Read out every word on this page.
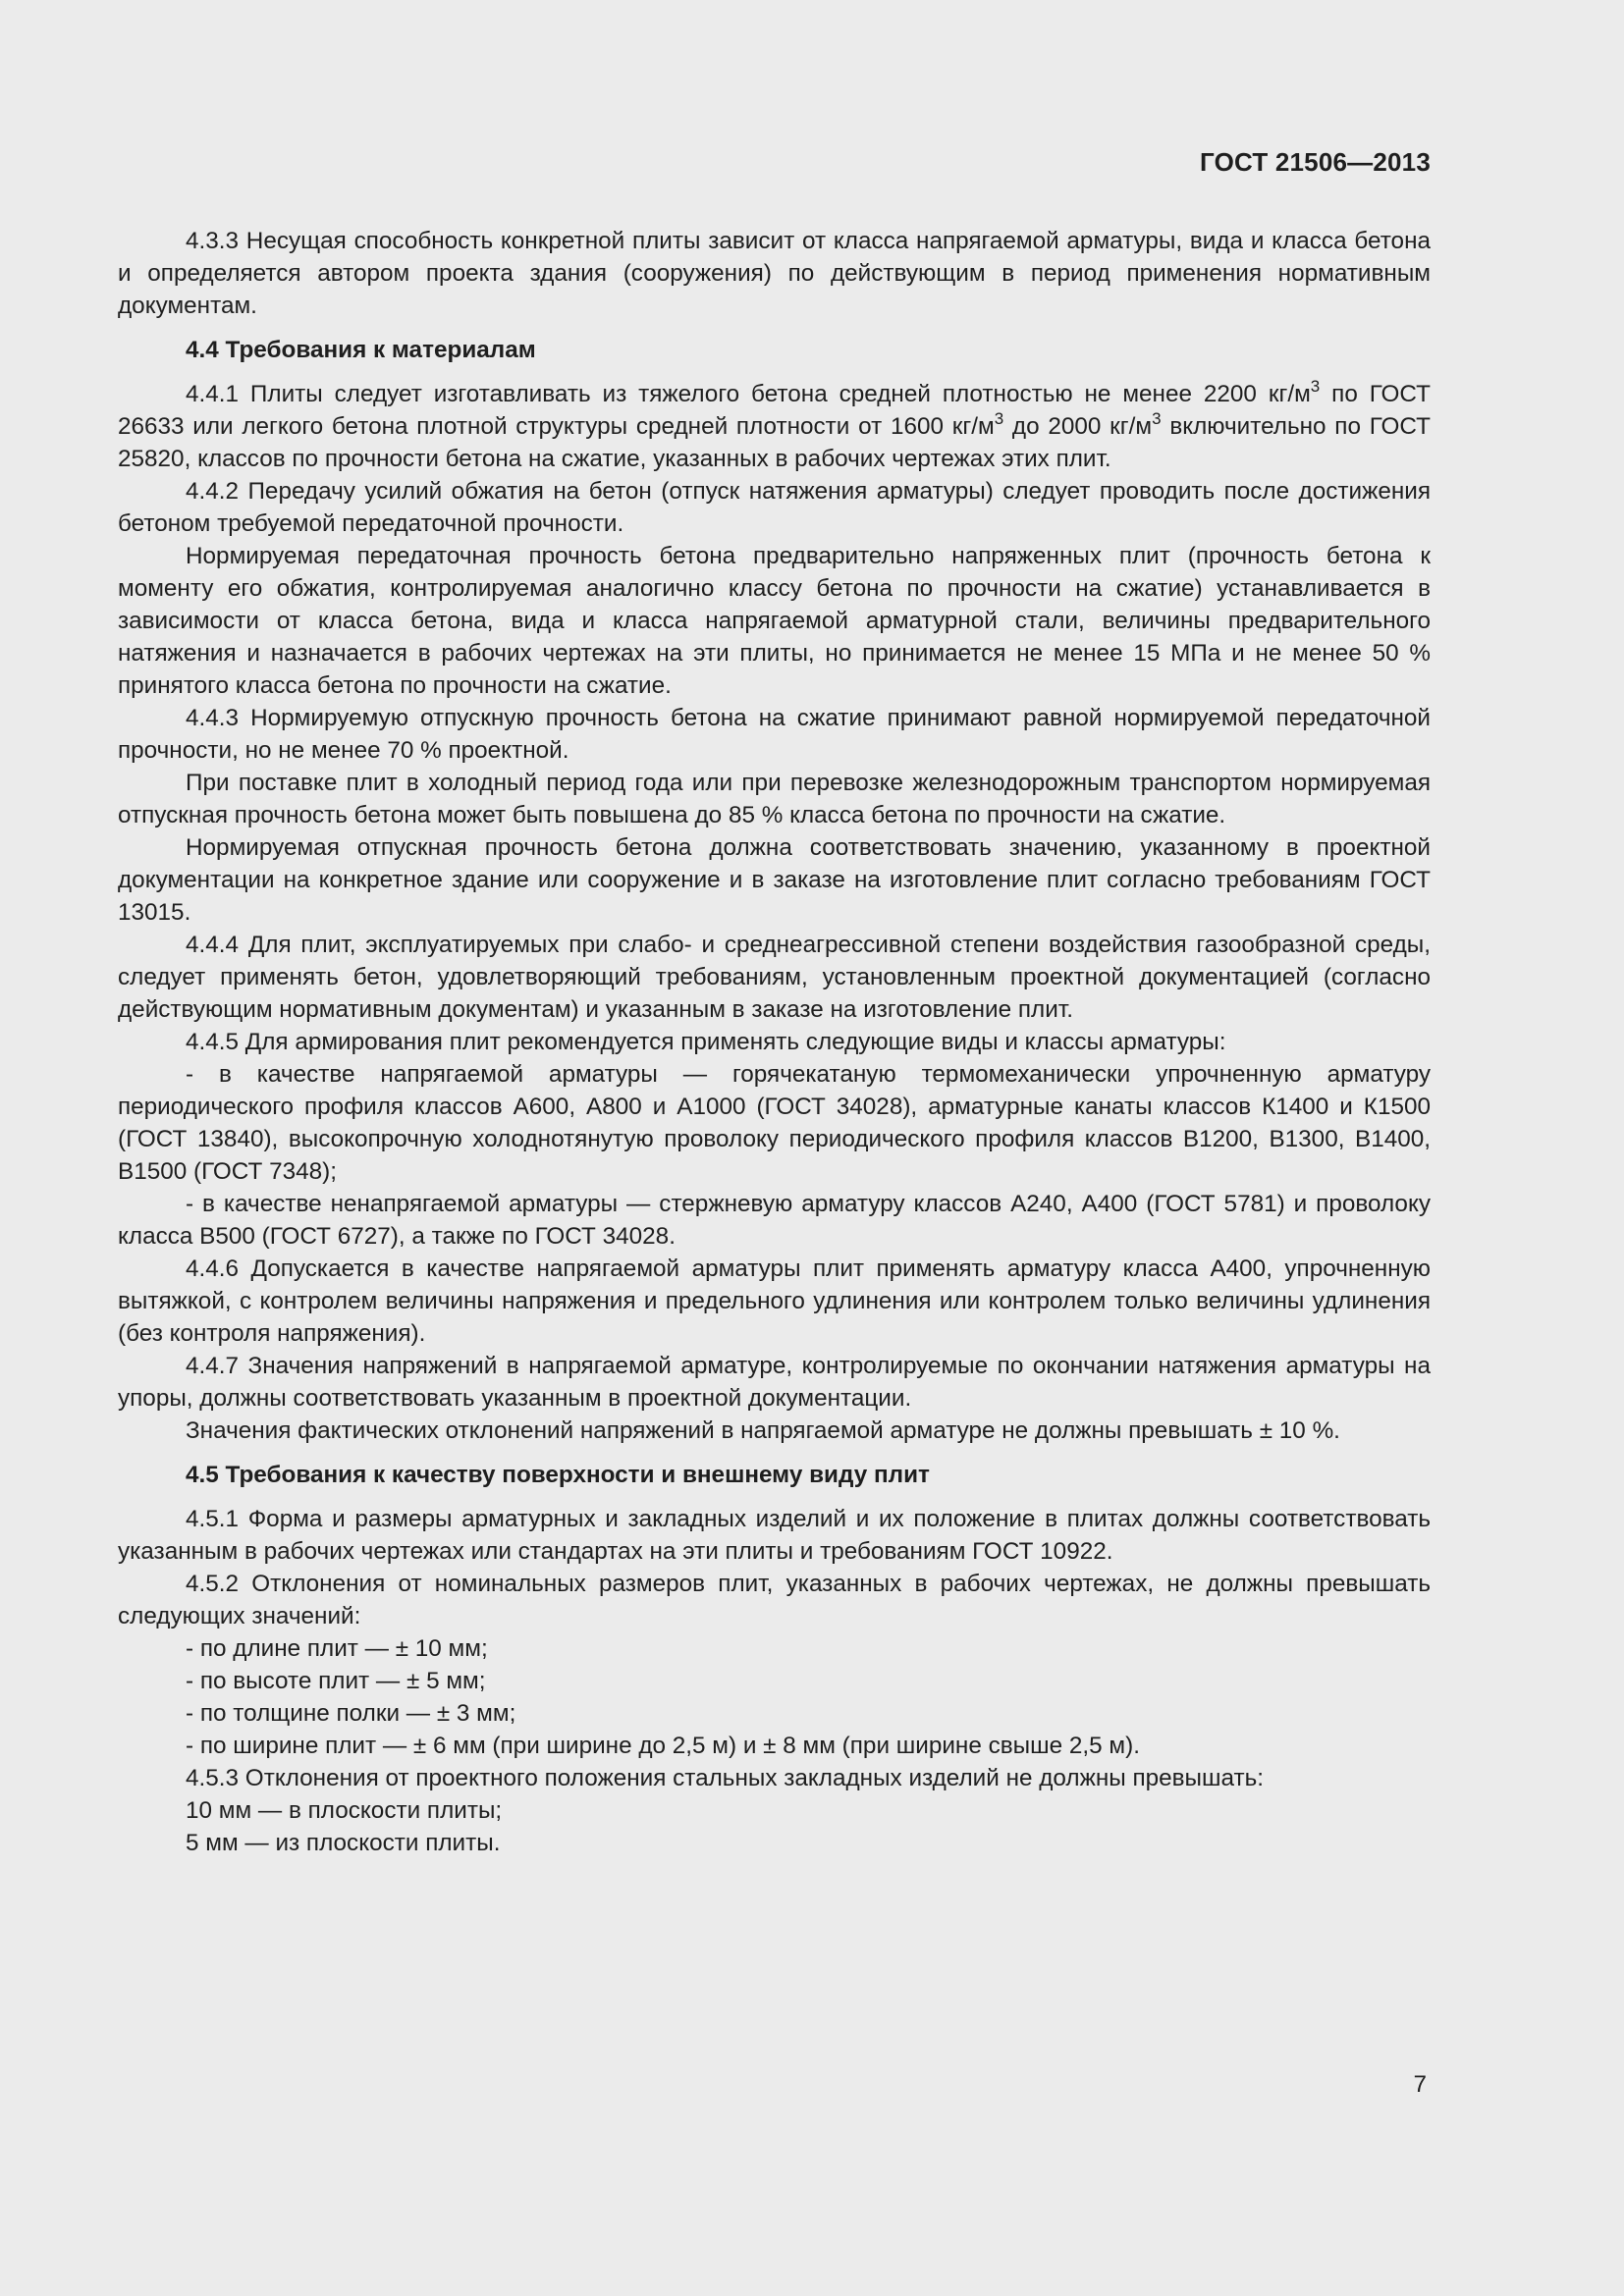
ГОСТ 21506—2013

4.3.3 Несущая способность конкретной плиты зависит от класса напрягаемой арматуры, вида и класса бетона и определяется автором проекта здания (сооружения) по действующим в период применения нормативным документам.

4.4 Требования к материалам

4.4.1 Плиты следует изготавливать из тяжелого бетона средней плотностью не менее 2200 $кг/м^3$ по ГОСТ 26633 или легкого бетона плотной структуры средней плотности от 1600 $кг/м^3$ до 2000 $кг/м^3$ включительно по ГОСТ 25820, классов по прочности бетона на сжатие, указанных в рабочих чертежах этих плит.

4.4.2 Передачу усилий обжатия на бетон (отпуск натяжения арматуры) следует проводить после достижения бетоном требуемой передаточной прочности.

Нормируемая передаточная прочность бетона предварительно напряженных плит (прочность бетона к моменту его обжатия, контролируемая аналогично классу бетона по прочности на сжатие) устанавливается в зависимости от класса бетона, вида и класса напрягаемой арматурной стали, величины предварительного натяжения и назначается в рабочих чертежах на эти плиты, но принимается не менее 15 МПа и не менее 50 % принятого класса бетона по прочности на сжатие.

4.4.3 Нормируемую отпускную прочность бетона на сжатие принимают равной нормируемой передаточной прочности, но не менее 70 % проектной.

При поставке плит в холодный период года или при перевозке железнодорожным транспортом нормируемая отпускная прочность бетона может быть повышена до 85 % класса бетона по прочности на сжатие.

Нормируемая отпускная прочность бетона должна соответствовать значению, указанному в проектной документации на конкретное здание или сооружение и в заказе на изготовление плит согласно требованиям ГОСТ 13015.

4.4.4 Для плит, эксплуатируемых при слабо- и среднеагрессивной степени воздействия газообразной среды, следует применять бетон, удовлетворяющий требованиям, установленным проектной документацией (согласно действующим нормативным документам) и указанным в заказе на изготовление плит.

4.4.5 Для армирования плит рекомендуется применять следующие виды и классы арматуры:

- в качестве напрягаемой арматуры — горячекатаную термомеханически упрочненную арматуру периодического профиля классов А600, А800 и А1000 (ГОСТ 34028), арматурные канаты классов К1400 и К1500 (ГОСТ 13840), высокопрочную холоднотянутую проволоку периодического профиля классов В1200, В1300, В1400, В1500 (ГОСТ 7348);

- в качестве ненапрягаемой арматуры — стержневую арматуру классов А240, А400 (ГОСТ 5781) и проволоку класса В500 (ГОСТ 6727), а также по ГОСТ 34028.

4.4.6 Допускается в качестве напрягаемой арматуры плит применять арматуру класса А400, упрочненную вытяжкой, с контролем величины напряжения и предельного удлинения или контролем только величины удлинения (без контроля напряжения).

4.4.7 Значения напряжений в напрягаемой арматуре, контролируемые по окончании натяжения арматуры на упоры, должны соответствовать указанным в проектной документации.

Значения фактических отклонений напряжений в напрягаемой арматуре не должны превышать ± 10 %.

4.5 Требования к качеству поверхности и внешнему виду плит

4.5.1 Форма и размеры арматурных и закладных изделий и их положение в плитах должны соответствовать указанным в рабочих чертежах или стандартах на эти плиты и требованиям ГОСТ 10922.

4.5.2 Отклонения от номинальных размеров плит, указанных в рабочих чертежах, не должны превышать следующих значений:

- по длине плит — ± 10 мм;

- по высоте плит — ± 5 мм;

- по толщине полки — ± 3 мм;

- по ширине плит — ± 6 мм (при ширине до 2,5 м) и ± 8 мм (при ширине свыше 2,5 м).

4.5.3 Отклонения от проектного положения стальных закладных изделий не должны превышать:

10 мм — в плоскости плиты;

5 мм — из плоскости плиты.

7
